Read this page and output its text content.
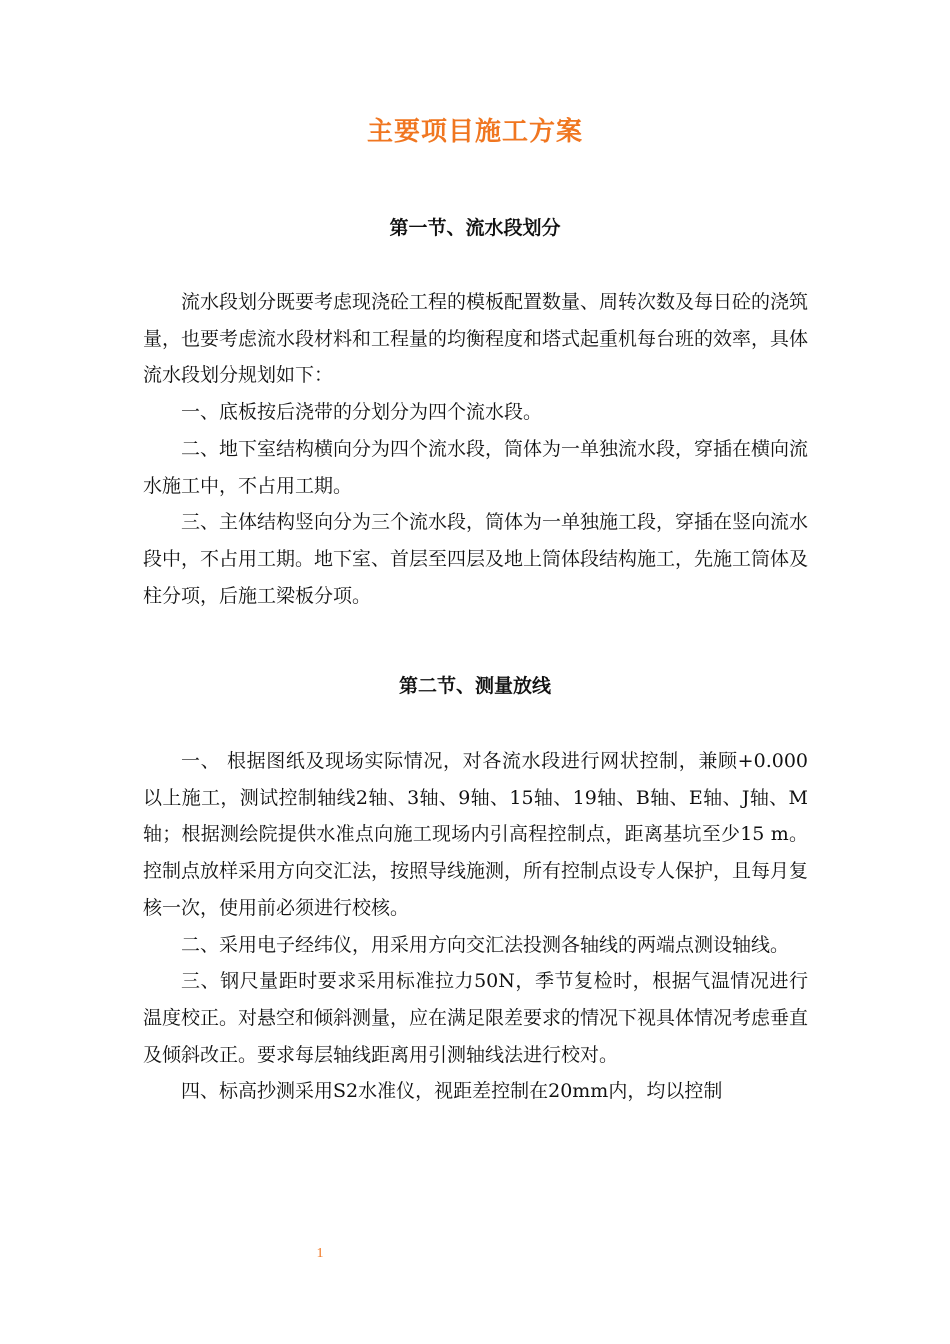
主要项目施工方案
第一节、流水段划分

流水段划分既要考虑现浇砼工程的模板配置数量、周转次数及每日砼的浇筑量，也要考虑流水段材料和工程量的均衡程度和塔式起重机每台班的效率，具体流水段划分规划如下：

一、底板按后浇带的分划分为四个流水段。

二、地下室结构横向分为四个流水段，筒体为一单独流水段，穿插在横向流水施工中，不占用工期。

三、主体结构竖向分为三个流水段，筒体为一单独施工段，穿插在竖向流水段中，不占用工期。地下室、首层至四层及地上筒体段结构施工，先施工筒体及柱分项，后施工梁板分项。

第二节、测量放线

一、 根据图纸及现场实际情况，对各流水段进行网状控制，兼顾+0.000以上施工，测试控制轴线2轴、3轴、9轴、15轴、19轴、B轴、E轴、J轴、M轴；根据测绘院提供水准点向施工现场内引高程控制点，距离基坑至少15 m。控制点放样采用方向交汇法，按照导线施测，所有控制点设专人保护，且每月复核一次，使用前必须进行校核。

二、采用电子经纬仪，用采用方向交汇法投测各轴线的两端点测设轴线。

三、钢尺量距时要求采用标准拉力50N，季节复检时，根据气温情况进行温度校正。对悬空和倾斜测量，应在满足限差要求的情况下视具体情况考虑垂直及倾斜改正。要求每层轴线距离用引测轴线法进行校对。

四、标高抄测采用S2水准仪，视距差控制在20mm内，均以控制

1
